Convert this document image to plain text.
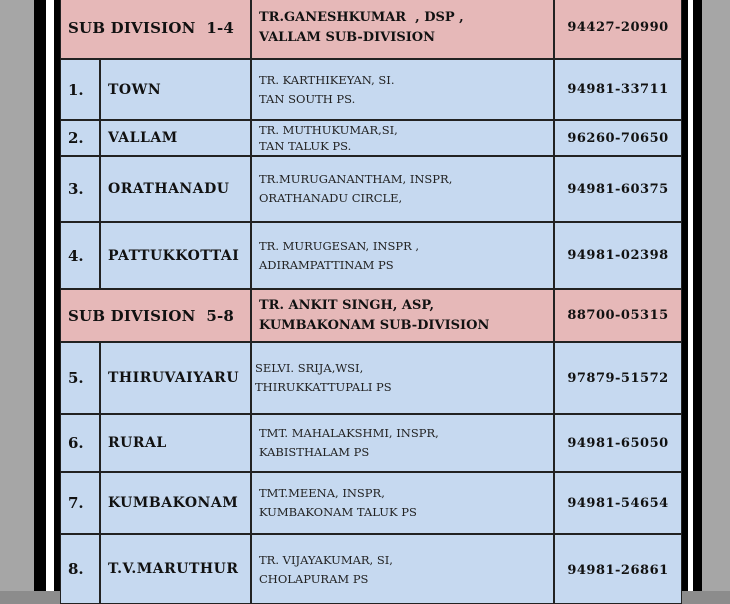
SUB DIVISION  1-4
TR.GANESHKUMAR  , DSP ,
VALLAM SUB-DIVISION
94427-20990
1. TOWN
TR. KARTHIKEYAN, SI.
TAN SOUTH PS.
94981-33711
2. VALLAM	TR. MUTHUKUMAR,SI,
TAN TALUK PS.
96260-70650
3. ORATHANADU
TR.MURUGANANTHAM, INSPR,
ORATHANADU CIRCLE,
94981-60375
4. PATTUKKOTTAI
TR. MURUGESAN, INSPR ,
ADIRAMPATTINAM PS
94981-02398
SUB DIVISION  5-8
TR. ANKIT SINGH, ASP,
KUMBAKONAM SUB-DIVISION
88700-05315
5. THIRUVAIYARU
SELVI. SRIJA,WSI,
THIRUKKATTUPALI PS
97879-51572
6. RURAL
TMT. MAHALAKSHMI, INSPR,
KABISTHALAM PS
94981-65050
7. KUMBAKONAM
TMT.MEENA, INSPR,
KUMBAKONAM TALUK PS
94981-54654
8. T.V.MARUTHUR
TR. VIJAYAKUMAR, SI,
CHOLAPURAM PS
94981-26861
